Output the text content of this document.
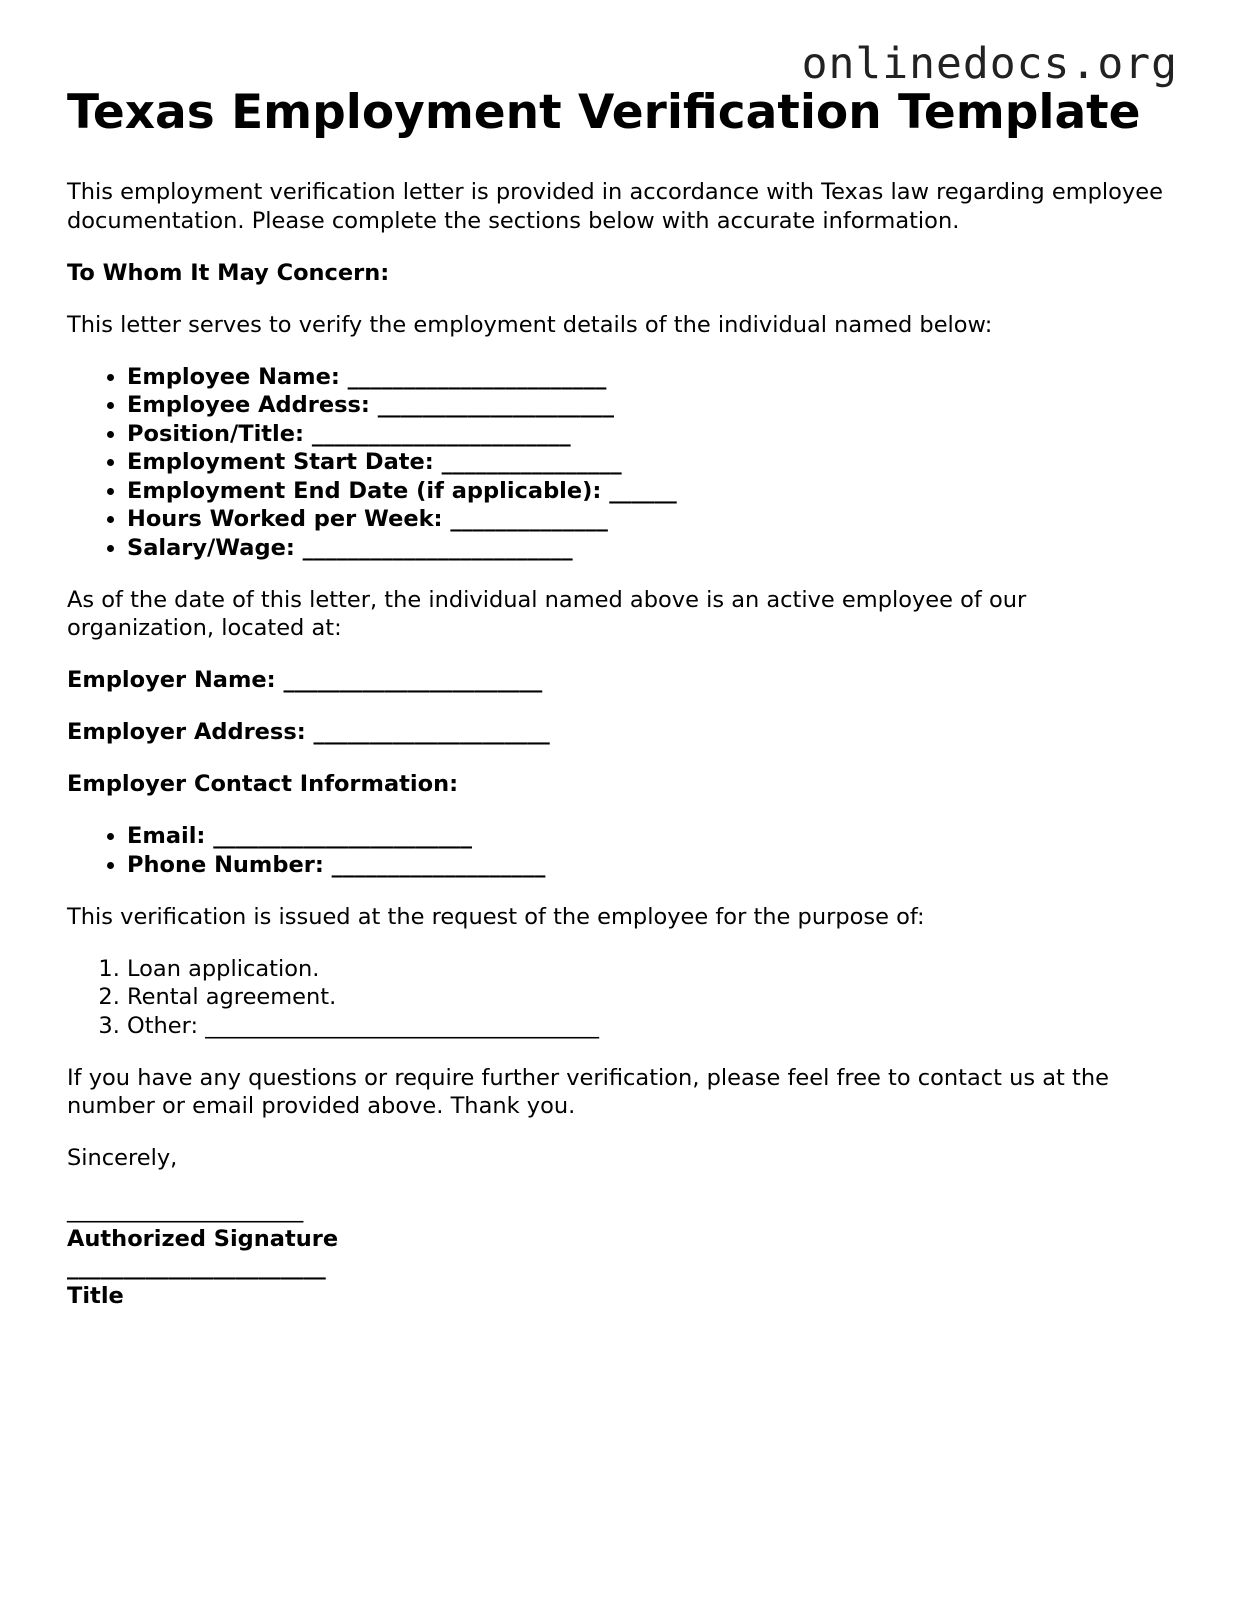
onlinedocs.org
Texas Employment Verification Template

This employment verification letter is provided in accordance with Texas law regarding employee documentation. Please complete the sections below with accurate information.

To Whom It May Concern:

This letter serves to verify the employment details of the individual named below:

• Employee Name: _______________________
• Employee Address: _____________________
• Position/Title: _______________________
• Employment Start Date: ________________
• Employment End Date (if applicable): ______
• Hours Worked per Week: ______________
• Salary/Wage: ________________________

As of the date of this letter, the individual named above is an active employee of our organization, located at:

Employer Name: _______________________

Employer Address: _____________________

Employer Contact Information:

• Email: _______________________
• Phone Number: ___________________

This verification is issued at the request of the employee for the purpose of:

1. Loan application.
2. Rental agreement.
3. Other: ___________________________________

If you have any questions or require further verification, please feel free to contact us at the number or email provided above. Thank you.

Sincerely,

_____________________

Authorized Signature

_______________________

Title
